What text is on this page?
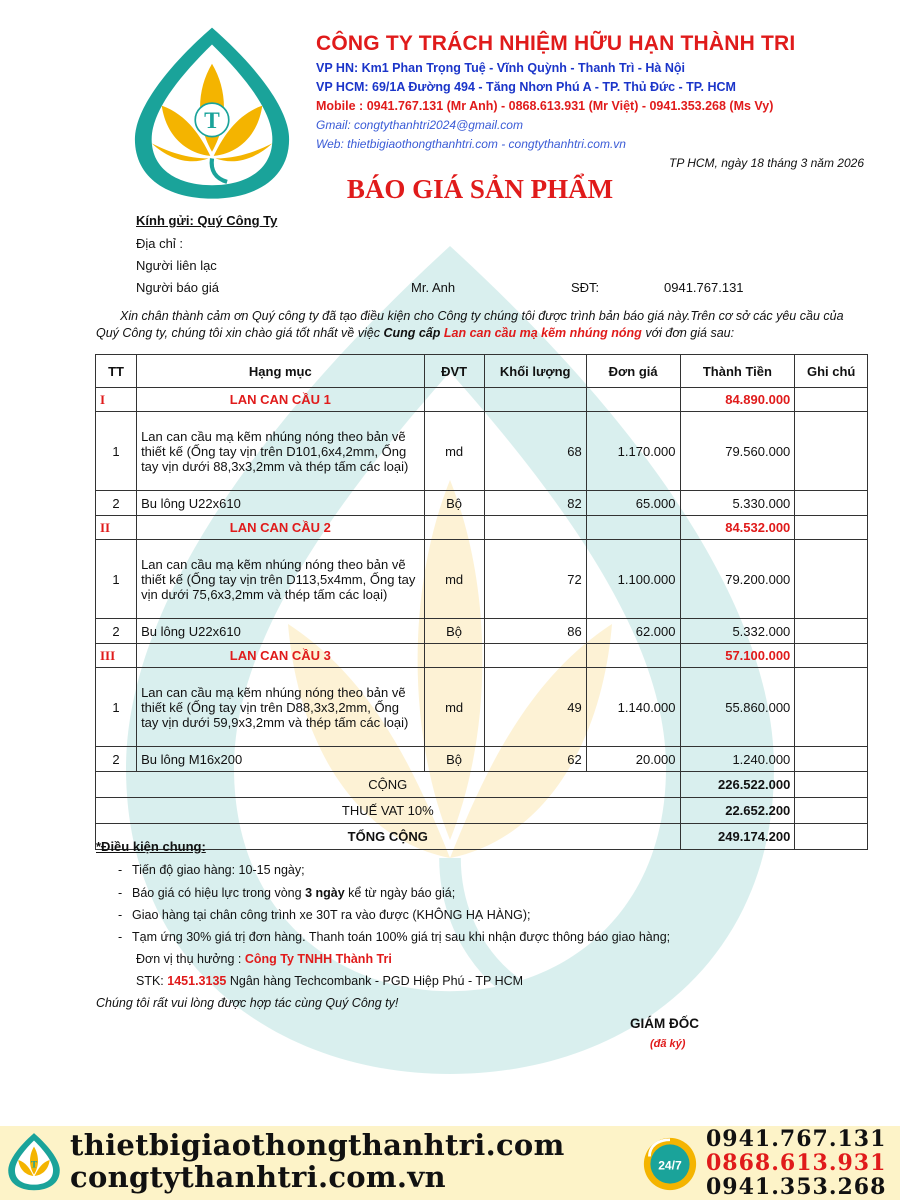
T
CÔNG TY TRÁCH NHIỆM HỮU HẠN THÀNH TRI
VP HN: Km1 Phan Trọng Tuệ - Vĩnh Quỳnh - Thanh Trì - Hà Nội
VP HCM: 69/1A Đường 494 - Tăng Nhơn Phú A - TP. Thủ Đức - TP. HCM
Mobile : 0941.767.131 (Mr Anh) - 0868.613.931 (Mr Việt) - 0941.353.268 (Ms Vy)
Gmail: congtythanhtri2024@gmail.com
Web: thietbigiaothongthanhtri.com - congtythanhtri.com.vn
TP HCM, ngày 18 tháng 3 năm 2026
BÁO GIÁ SẢN PHẨM
Kính gửi: Quý Công Ty
Địa chỉ :
Người liên lạc
Người báo giá	Mr. Anh	SĐT:	0941.767.131
Xin chân thành cảm ơn Quý công ty đã tạo điều kiện cho Công ty chúng tôi được trình bản báo giá này.Trên cơ sở các yêu cầu của Quý Công ty, chúng tôi xin chào giá tốt nhất về việc Cung cấp Lan can cầu mạ kẽm nhúng nóng với đơn giá sau:
TT	Hạng mục	ĐVT	Khối lượng	Đơn giá	Thành Tiền	Ghi chú
I	LAN CAN CẦU 1				84.890.000	
1	Lan can cầu mạ kẽm nhúng nóng theo bản vẽ thiết kế (Ống tay vịn trên D101,6x4,2mm, Ống tay vịn dưới 88,3x3,2mm và thép tấm các loại)	md	68	1.170.000	79.560.000	
2	Bu lông U22x610	Bộ	82	65.000	5.330.000	
II	LAN CAN CẦU 2				84.532.000	
1	Lan can cầu mạ kẽm nhúng nóng theo bản vẽ thiết kế (Ống tay vịn trên D113,5x4mm, Ống tay vịn dưới 75,6x3,2mm và thép tấm các loại)	md	72	1.100.000	79.200.000	
2	Bu lông U22x610	Bộ	86	62.000	5.332.000	
III	LAN CAN CẦU 3				57.100.000	
1	Lan can cầu mạ kẽm nhúng nóng theo bản vẽ thiết kế (Ống tay vịn trên D88,3x3,2mm, Ống tay vịn dưới 59,9x3,2mm và thép tấm các loại)	md	49	1.140.000	55.860.000	
2	Bu lông M16x200	Bộ	62	20.000	1.240.000	
CỘNG					226.522.000	
THUẾ VAT 10%					22.652.200	
TỔNG CỘNG					249.174.200	
*Điều kiện chung:
- Tiến độ giao hàng: 10-15 ngày;
- Báo giá có hiệu lực trong vòng 3 ngày kể từ ngày báo giá;
- Giao hàng tại chân công trình xe 30T ra vào được (KHÔNG HẠ HÀNG);
- Tạm ứng 30% giá trị đơn hàng. Thanh toán 100% giá trị sau khi nhận được thông báo giao hàng;
Đơn vị thụ hưởng : Công Ty TNHH Thành Tri
STK: 1451.3135 Ngân hàng Techcombank - PGD Hiệp Phú - TP HCM
Chúng tôi rất vui lòng được hợp tác cùng Quý Công ty!
GIÁM ĐỐC
(đã ký)
T
thietbigiaothongthanhtri.com
congtythanhtri.com.vn	24/7
0941.767.131
0868.613.931
0941.353.268
